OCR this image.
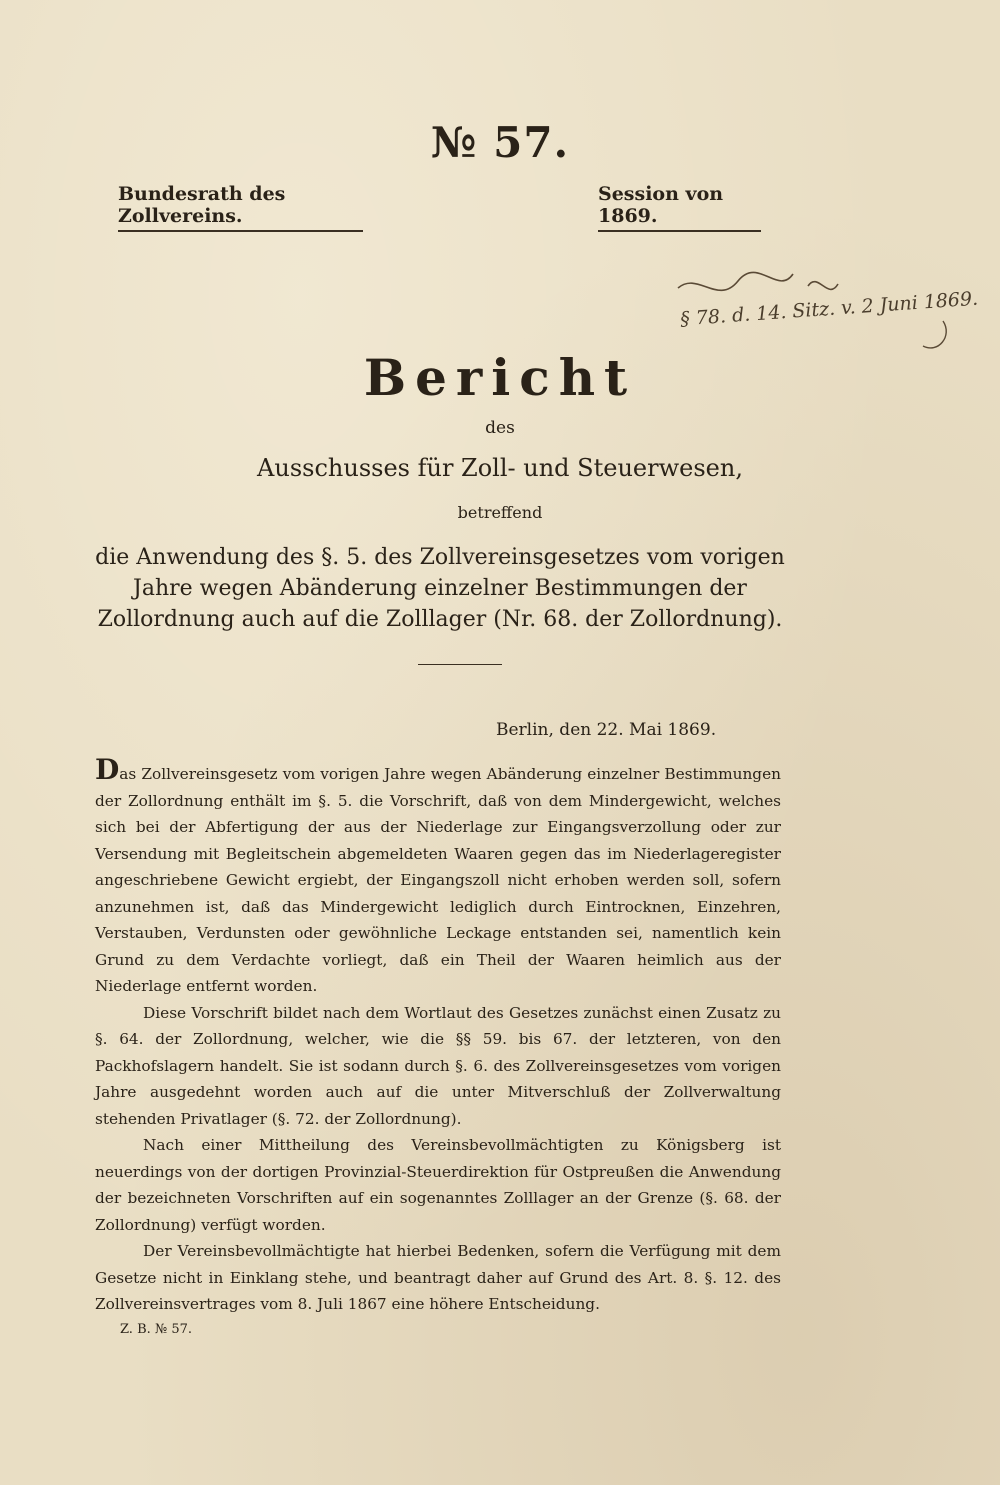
№ 57.
Bundesrath des Zollvereins.
Session von 1869.
§ 78. d. 14. Sitz. v. 2 Juni 1869.
Bericht
des
Ausschusses für Zoll- und Steuerwesen,
betreffend
die Anwendung des §. 5. des Zollvereinsgesetzes vom vorigen Jahre wegen Abänderung einzelner Bestimmungen der Zollordnung auch auf die Zolllager (Nr. 68. der Zollordnung).
Berlin, den 22. Mai 1869.

Das Zollvereinsgesetz vom vorigen Jahre wegen Abänderung einzelner Bestimmungen der Zollordnung enthält im §. 5. die Vorschrift, daß von dem Mindergewicht, welches sich bei der Abfertigung der aus der Niederlage zur Eingangsverzollung oder zur Versendung mit Begleitschein abgemeldeten Waaren gegen das im Niederlageregister angeschriebene Gewicht ergiebt, der Eingangszoll nicht erhoben werden soll, sofern anzunehmen ist, daß das Mindergewicht lediglich durch Eintrocknen, Einzehren, Verstauben, Verdunsten oder gewöhnliche Leckage entstanden sei, namentlich kein Grund zu dem Verdachte vorliegt, daß ein Theil der Waaren heimlich aus der Niederlage entfernt worden.

Diese Vorschrift bildet nach dem Wortlaut des Gesetzes zunächst einen Zusatz zu §. 64. der Zollordnung, welcher, wie die §§ 59. bis 67. der letzteren, von den Packhofslagern handelt. Sie ist sodann durch §. 6. des Zollvereinsgesetzes vom vorigen Jahre ausgedehnt worden auch auf die unter Mitverschluß der Zollverwaltung stehenden Privatlager (§. 72. der Zollordnung).

Nach einer Mittheilung des Vereinsbevollmächtigten zu Königsberg ist neuerdings von der dortigen Provinzial-Steuerdirektion für Ostpreußen die Anwendung der bezeichneten Vorschriften auf ein sogenanntes Zolllager an der Grenze (§. 68. der Zollordnung) verfügt worden.

Der Vereinsbevollmächtigte hat hierbei Bedenken, sofern die Verfügung mit dem Gesetze nicht in Einklang stehe, und beantragt daher auf Grund des Art. 8. §. 12. des Zollvereinsvertrages vom 8. Juli 1867 eine höhere Entscheidung.

Z. B. № 57.
